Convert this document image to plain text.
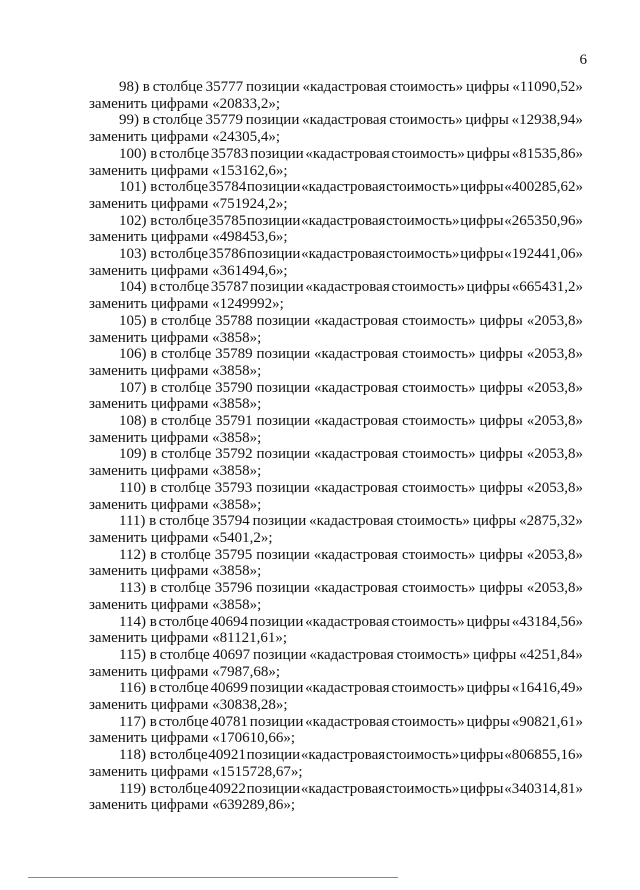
6
98) в столбце 35777 позиции «кадастровая стоимость» цифры «11090,52»
заменить цифрами «20833,2»;
99) в столбце 35779 позиции «кадастровая стоимость» цифры «12938,94»
заменить цифрами «24305,4»;
100) в столбце 35783 позиции «кадастровая стоимость» цифры «81535,86»
заменить цифрами «153162,6»;
101) в столбце 35784 позиции «кадастровая стоимость» цифры «400285,62»
заменить цифрами «751924,2»;
102) в столбце 35785 позиции «кадастровая стоимость» цифры «265350,96»
заменить цифрами «498453,6»;
103) в столбце 35786 позиции «кадастровая стоимость» цифры «192441,06»
заменить цифрами «361494,6»;
104) в столбце 35787 позиции «кадастровая стоимость» цифры «665431,2»
заменить цифрами «1249992»;
105) в столбце 35788 позиции «кадастровая стоимость» цифры «2053,8»
заменить цифрами «3858»;
106) в столбце 35789 позиции «кадастровая стоимость» цифры «2053,8»
заменить цифрами «3858»;
107) в столбце 35790 позиции «кадастровая стоимость» цифры «2053,8»
заменить цифрами «3858»;
108) в столбце 35791 позиции «кадастровая стоимость» цифры «2053,8»
заменить цифрами «3858»;
109) в столбце 35792 позиции «кадастровая стоимость» цифры «2053,8»
заменить цифрами «3858»;
110) в столбце 35793 позиции «кадастровая стоимость» цифры «2053,8»
заменить цифрами «3858»;
111) в столбце 35794 позиции «кадастровая стоимость» цифры «2875,32»
заменить цифрами «5401,2»;
112) в столбце 35795 позиции «кадастровая стоимость» цифры «2053,8»
заменить цифрами «3858»;
113) в столбце 35796 позиции «кадастровая стоимость» цифры «2053,8»
заменить цифрами «3858»;
114) в столбце 40694 позиции «кадастровая стоимость» цифры «43184,56»
заменить цифрами «81121,61»;
115) в столбце 40697 позиции «кадастровая стоимость» цифры «4251,84»
заменить цифрами «7987,68»;
116) в столбце 40699 позиции «кадастровая стоимость» цифры «16416,49»
заменить цифрами «30838,28»;
117) в столбце 40781 позиции «кадастровая стоимость» цифры «90821,61»
заменить цифрами «170610,66»;
118) в столбце 40921 позиции «кадастровая стоимость» цифры «806855,16»
заменить цифрами «1515728,67»;
119) в столбце 40922 позиции «кадастровая стоимость» цифры «340314,81»
заменить цифрами «639289,86»;
